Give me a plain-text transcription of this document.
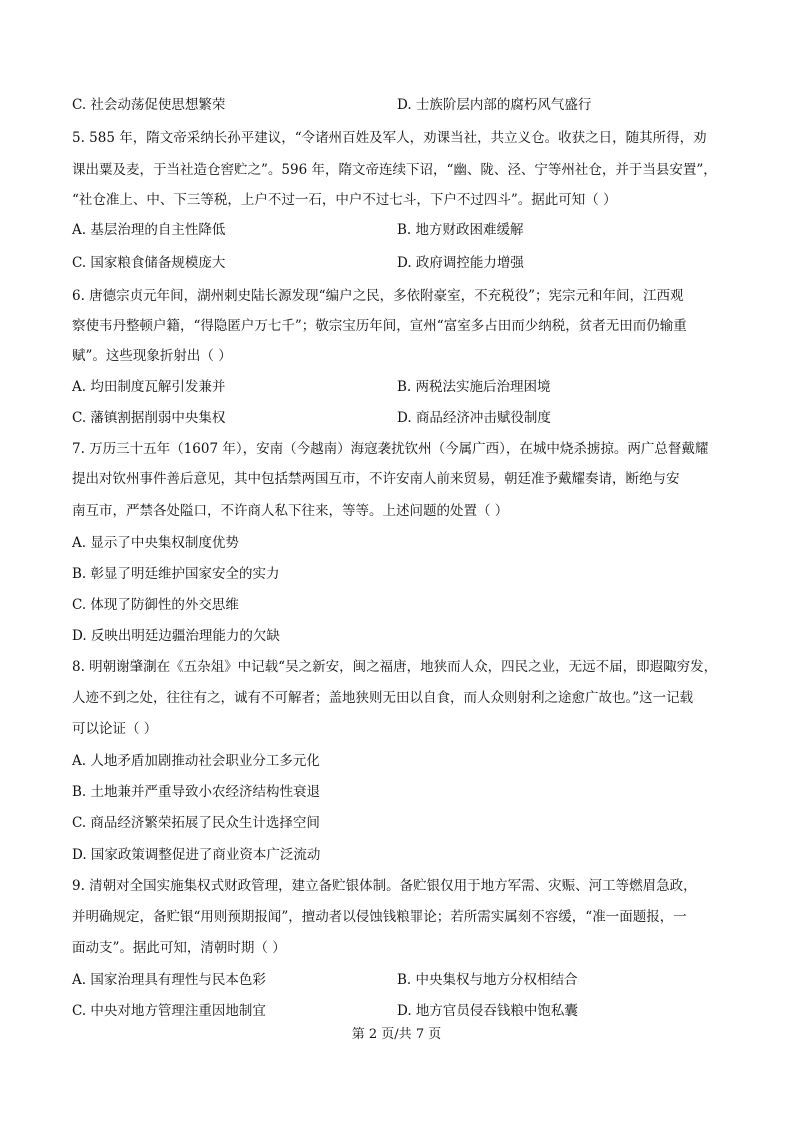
C. 社会动荡促使思想繁荣	D. 士族阶层内部的腐朽风气盛行
5. 585 年，隋文帝采纳长孙平建议，“令诸州百姓及军人，劝课当社，共立义仓。收获之日，随其所得，劝
课出粟及麦，于当社造仓窖贮之”。596 年，隋文帝连续下诏，“幽、陇、泾、宁等州社仓，并于当县安置”，
“社仓准上、中、下三等税，上户不过一石，中户不过七斗，下户不过四斗”。据此可知（ ）
A. 基层治理的自主性降低	B. 地方财政困难缓解
C. 国家粮食储备规模庞大	D. 政府调控能力增强
6. 唐德宗贞元年间，湖州刺史陆长源发现“编户之民，多依附豪室，不充税役”；宪宗元和年间，江西观
察使韦丹整顿户籍，“得隐匿户万七千”；敬宗宝历年间，宣州“富室多占田而少纳税，贫者无田而仍输重
赋”。这些现象折射出（ ）
A. 均田制度瓦解引发兼并	B. 两税法实施后治理困境
C. 藩镇割据削弱中央集权	D. 商品经济冲击赋役制度
7. 万历三十五年（1607 年），安南（今越南）海寇袭扰钦州（今属广西），在城中烧杀掳掠。两广总督戴耀
提出对钦州事件善后意见，其中包括禁两国互市，不许安南人前来贸易，朝廷准予戴耀奏请，断绝与安
南互市，严禁各处隘口，不许商人私下往来，等等。上述问题的处置（ ）
A. 显示了中央集权制度优势
B. 彰显了明廷维护国家安全的实力
C. 体现了防御性的外交思维
D. 反映出明廷边疆治理能力的欠缺
8. 明朝谢肇淛在《五杂俎》中记载“吴之新安，闽之福唐，地狭而人众，四民之业，无远不届，即遐陬穷发，
人迹不到之处，往往有之，诚有不可解者；盖地狭则无田以自食，而人众则射利之途愈广故也。”这一记载
可以论证（ ）
A. 人地矛盾加剧推动社会职业分工多元化
B. 土地兼并严重导致小农经济结构性衰退
C. 商品经济繁荣拓展了民众生计选择空间
D. 国家政策调整促进了商业资本广泛流动
9. 清朝对全国实施集权式财政管理，建立备贮银体制。备贮银仅用于地方军需、灾赈、河工等燃眉急政，
并明确规定，备贮银“用则预期报闻”，擅动者以侵蚀钱粮罪论；若所需实属刻不容缓，“准一面题报，一
面动支”。据此可知，清朝时期（ ）
A. 国家治理具有理性与民本色彩	B. 中央集权与地方分权相结合
C. 中央对地方管理注重因地制宜	D. 地方官员侵吞钱粮中饱私囊
第 2 页/共 7 页
